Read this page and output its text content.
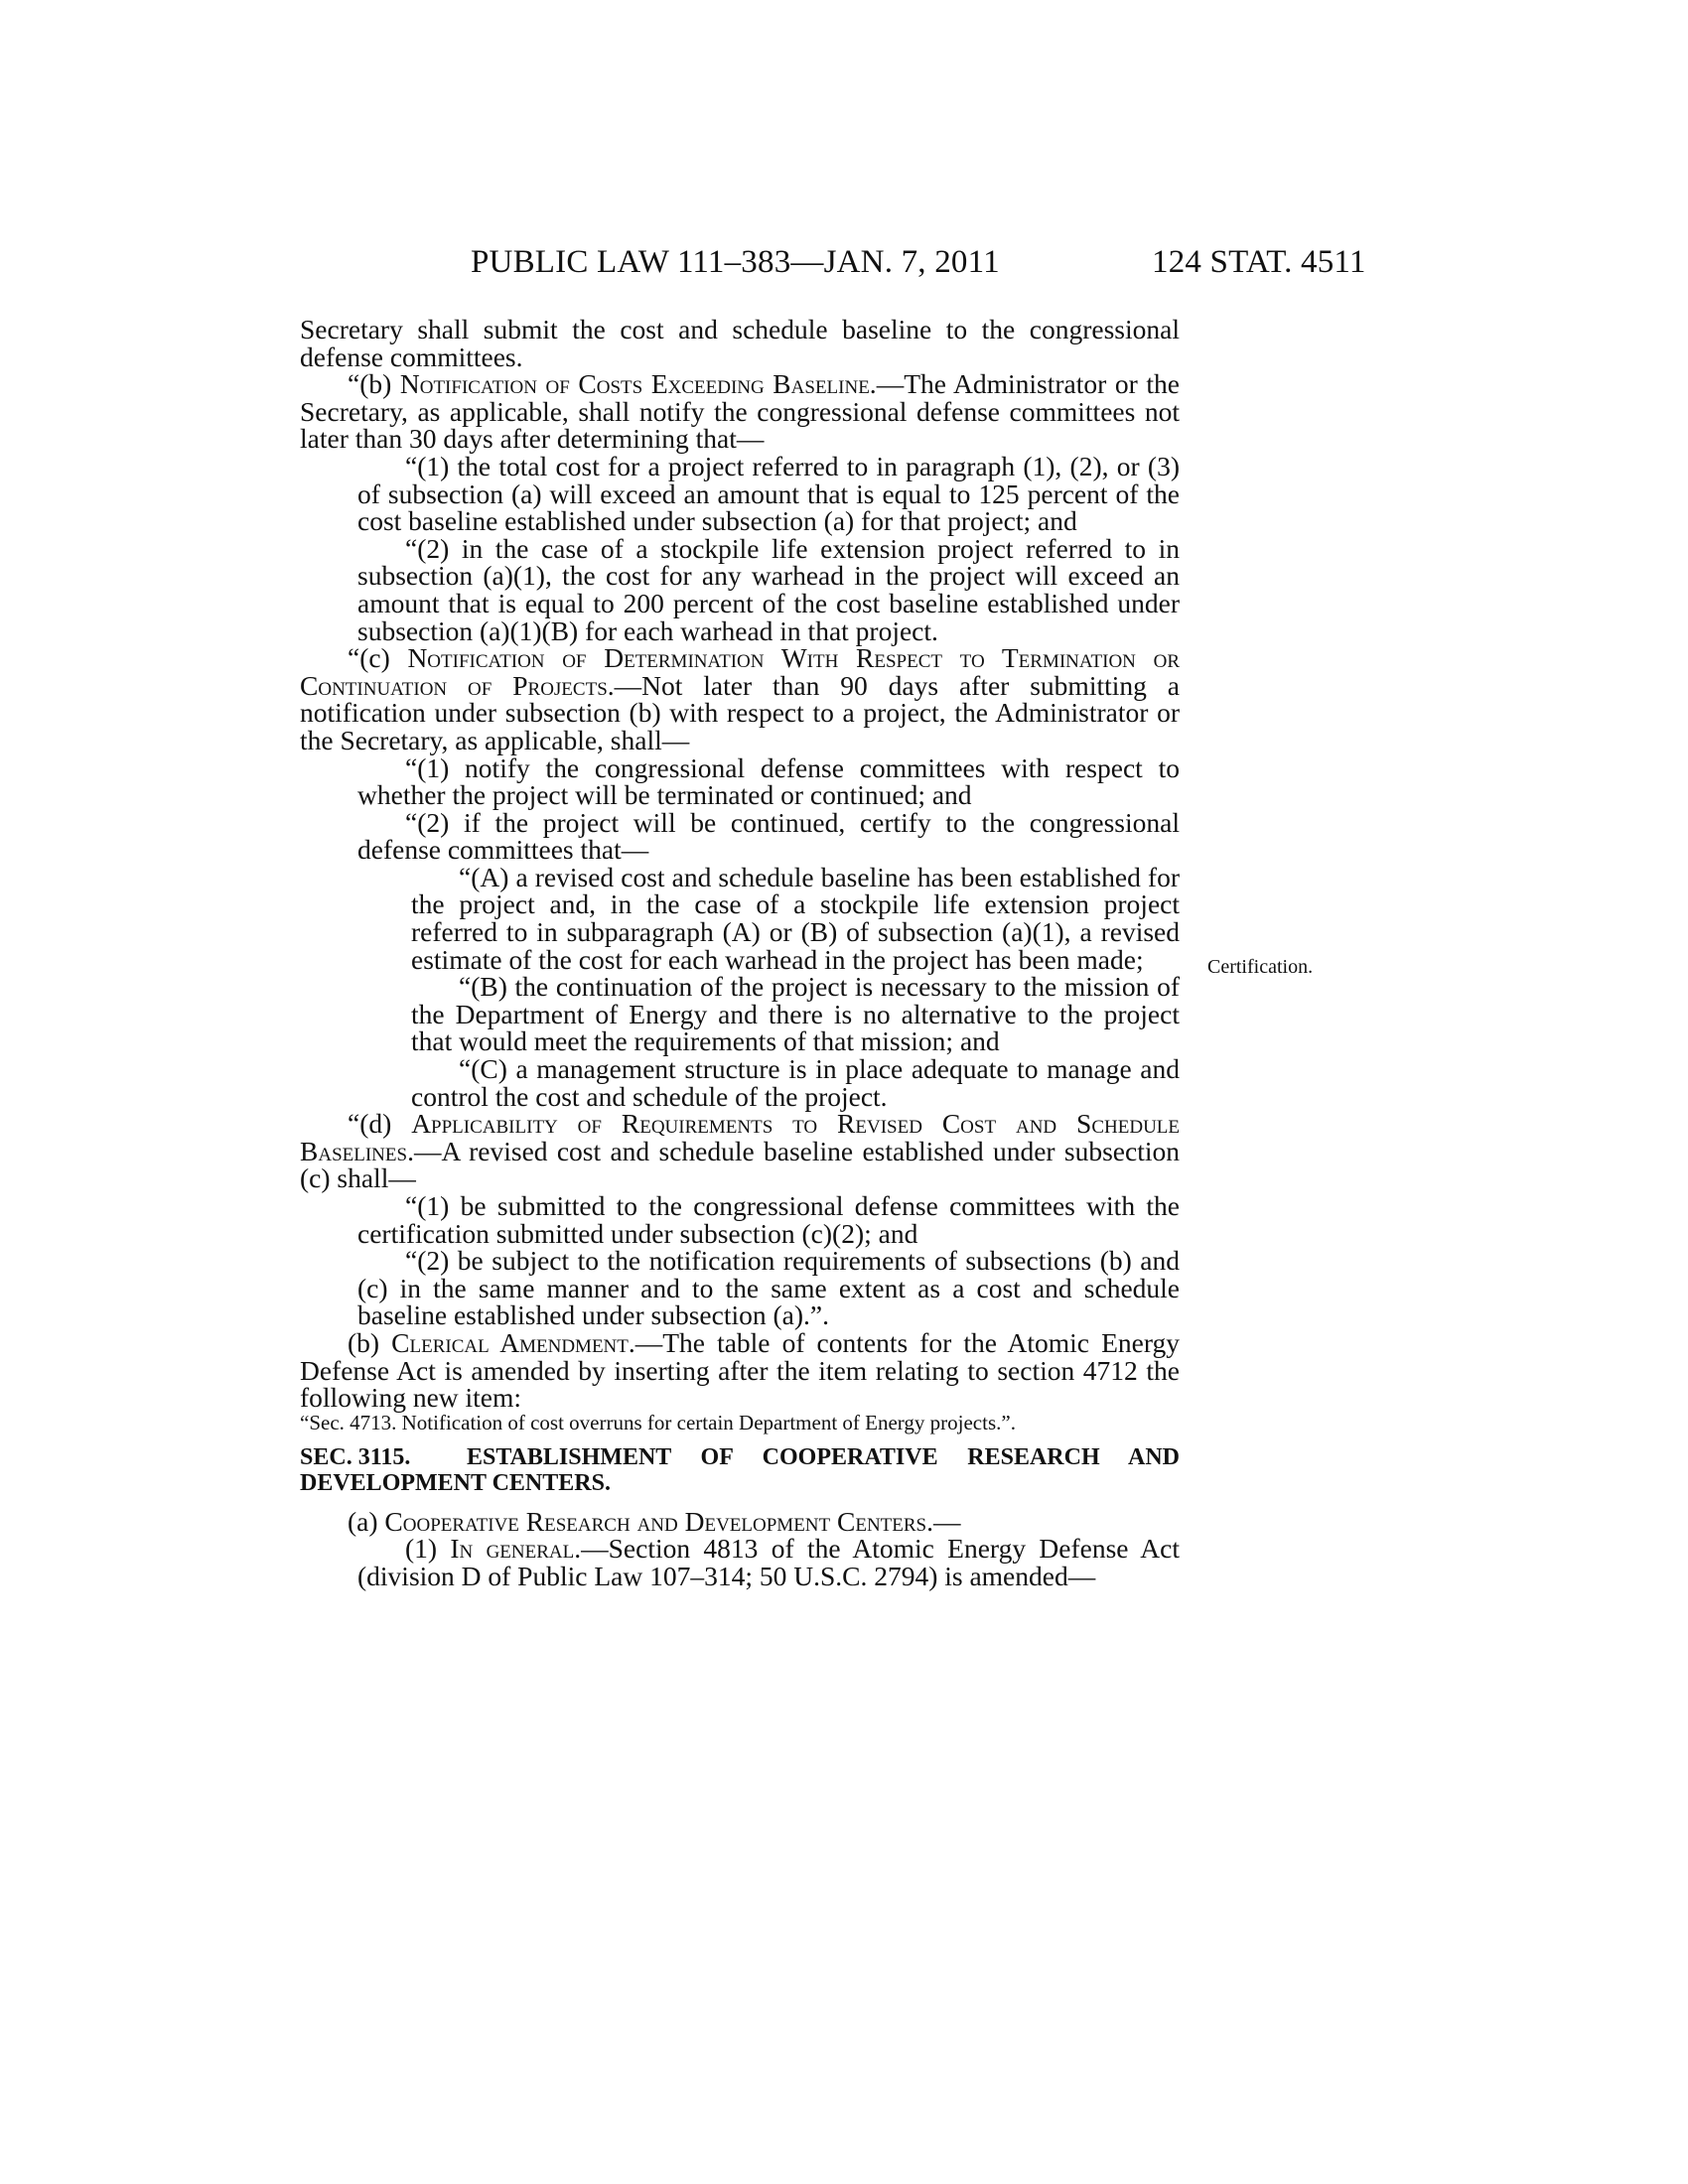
PUBLIC LAW 111–383—JAN. 7, 2011	124 STAT. 4511
Certification.

Secretary shall submit the cost and schedule baseline to the congressional defense committees.

“(b) Notification of Costs Exceeding Baseline.—The Administrator or the Secretary, as applicable, shall notify the congressional defense committees not later than 30 days after determining that—

“(1) the total cost for a project referred to in paragraph (1), (2), or (3) of subsection (a) will exceed an amount that is equal to 125 percent of the cost baseline established under subsection (a) for that project; and

“(2) in the case of a stockpile life extension project referred to in subsection (a)(1), the cost for any warhead in the project will exceed an amount that is equal to 200 percent of the cost baseline established under subsection (a)(1)(B) for each warhead in that project.

“(c) Notification of Determination With Respect to Termination or Continuation of Projects.—Not later than 90 days after submitting a notification under subsection (b) with respect to a project, the Administrator or the Secretary, as applicable, shall—

“(1) notify the congressional defense committees with respect to whether the project will be terminated or continued; and

“(2) if the project will be continued, certify to the congressional defense committees that—

“(A) a revised cost and schedule baseline has been established for the project and, in the case of a stockpile life extension project referred to in subparagraph (A) or (B) of subsection (a)(1), a revised estimate of the cost for each warhead in the project has been made;

“(B) the continuation of the project is necessary to the mission of the Department of Energy and there is no alternative to the project that would meet the requirements of that mission; and

“(C) a management structure is in place adequate to manage and control the cost and schedule of the project.

“(d) Applicability of Requirements to Revised Cost and Schedule Baselines.—A revised cost and schedule baseline established under subsection (c) shall—

“(1) be submitted to the congressional defense committees with the certification submitted under subsection (c)(2); and

“(2) be subject to the notification requirements of subsections (b) and (c) in the same manner and to the same extent as a cost and schedule baseline established under subsection (a).”.

(b) Clerical Amendment.—The table of contents for the Atomic Energy Defense Act is amended by inserting after the item relating to section 4712 the following new item:

“Sec. 4713. Notification of cost overruns for certain Department of Energy projects.”.

SEC. 3115. ESTABLISHMENT OF COOPERATIVE RESEARCH AND DEVELOPMENT CENTERS.

(a) Cooperative Research and Development Centers.—

(1) In general.—Section 4813 of the Atomic Energy Defense Act (division D of Public Law 107–314; 50 U.S.C. 2794) is amended—
